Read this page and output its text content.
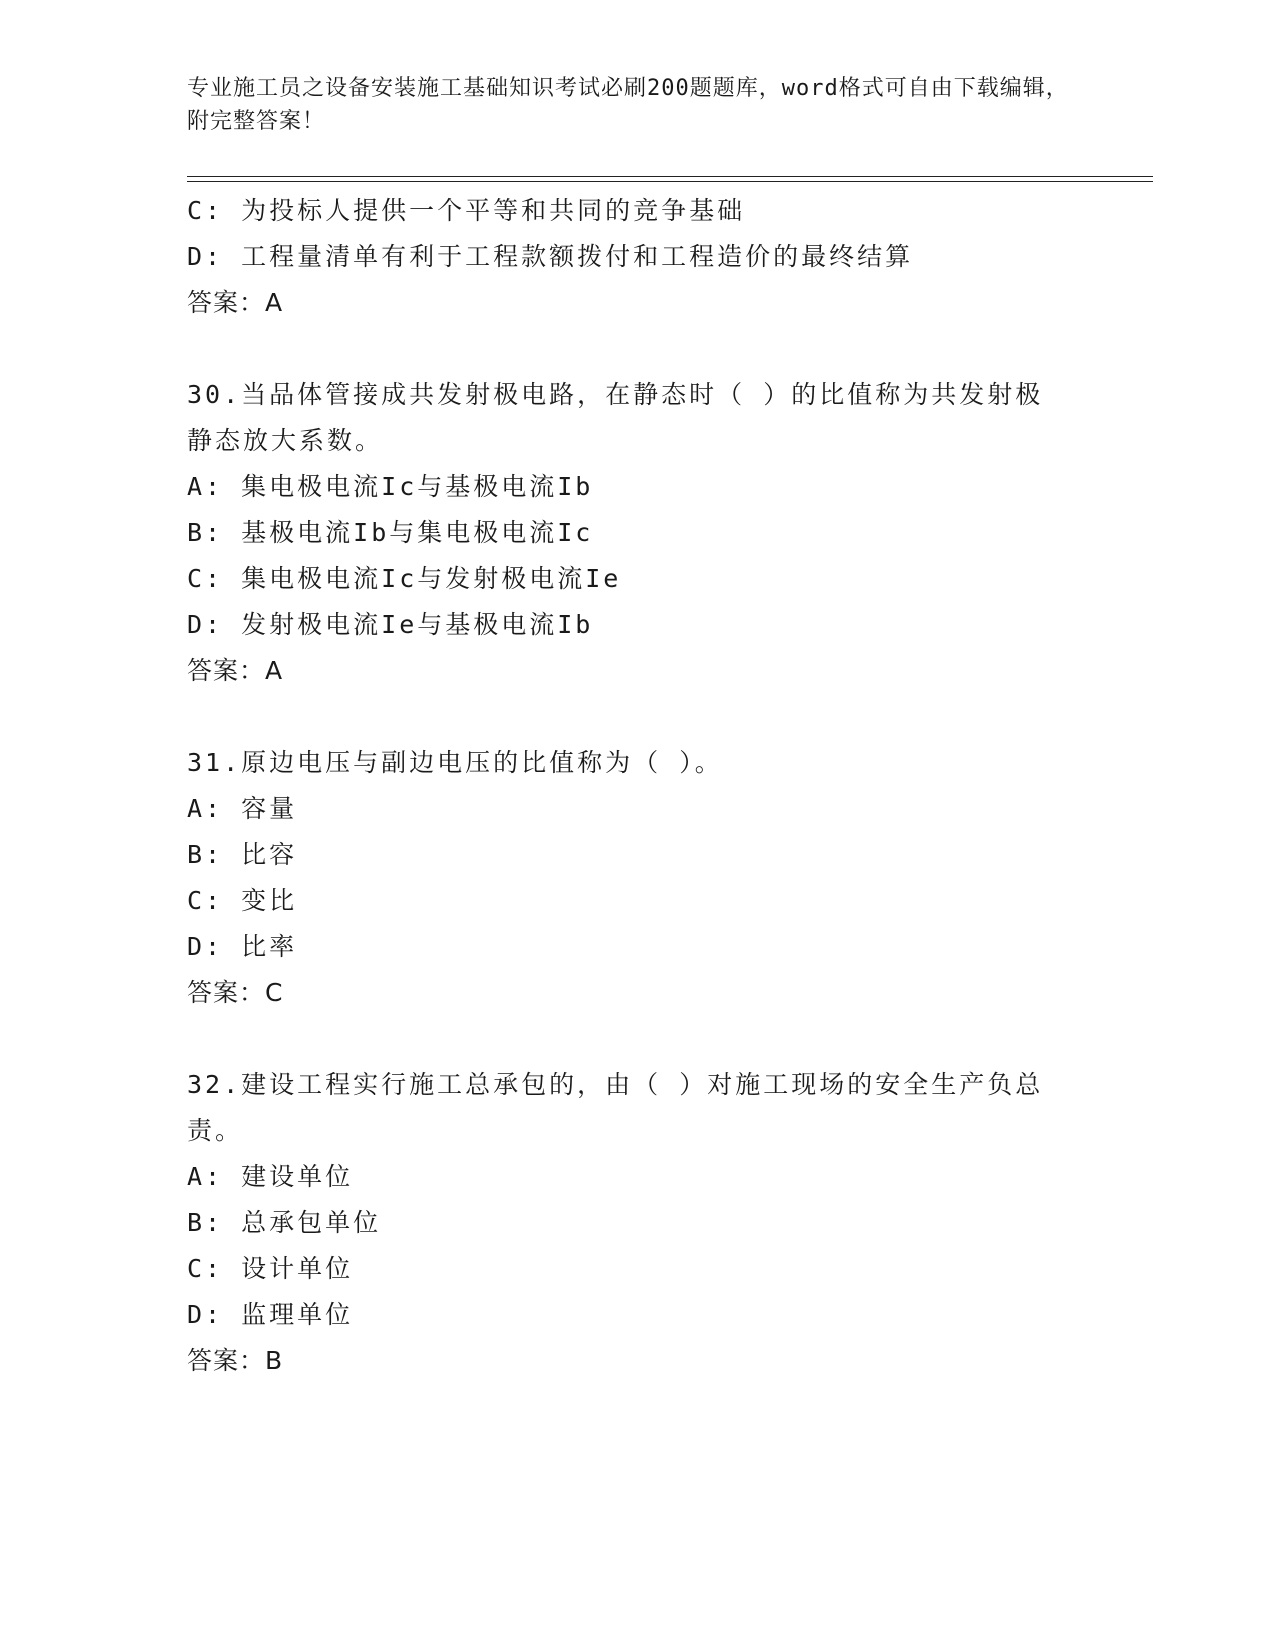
专业施工员之设备安装施工基础知识考试必刷200题题库，word格式可自由下载编辑，附完整答案！
C: 为投标人提供一个平等和共同的竞争基础
D: 工程量清单有利于工程款额拨付和工程造价的最终结算
答案：A
30.当品体管接成共发射极电路，在静态时（ ）的比值称为共发射极静态放大系数。
A: 集电极电流Ic与基极电流Ib
B: 基极电流Ib与集电极电流Ic
C: 集电极电流Ic与发射极电流Ie
D: 发射极电流Ie与基极电流Ib
答案：A
31.原边电压与副边电压的比值称为（ ）。
A: 容量
B: 比容
C: 变比
D: 比率
答案：C
32.建设工程实行施工总承包的，由（ ）对施工现场的安全生产负总责。
A: 建设单位
B: 总承包单位
C: 设计单位
D: 监理单位
答案：B
